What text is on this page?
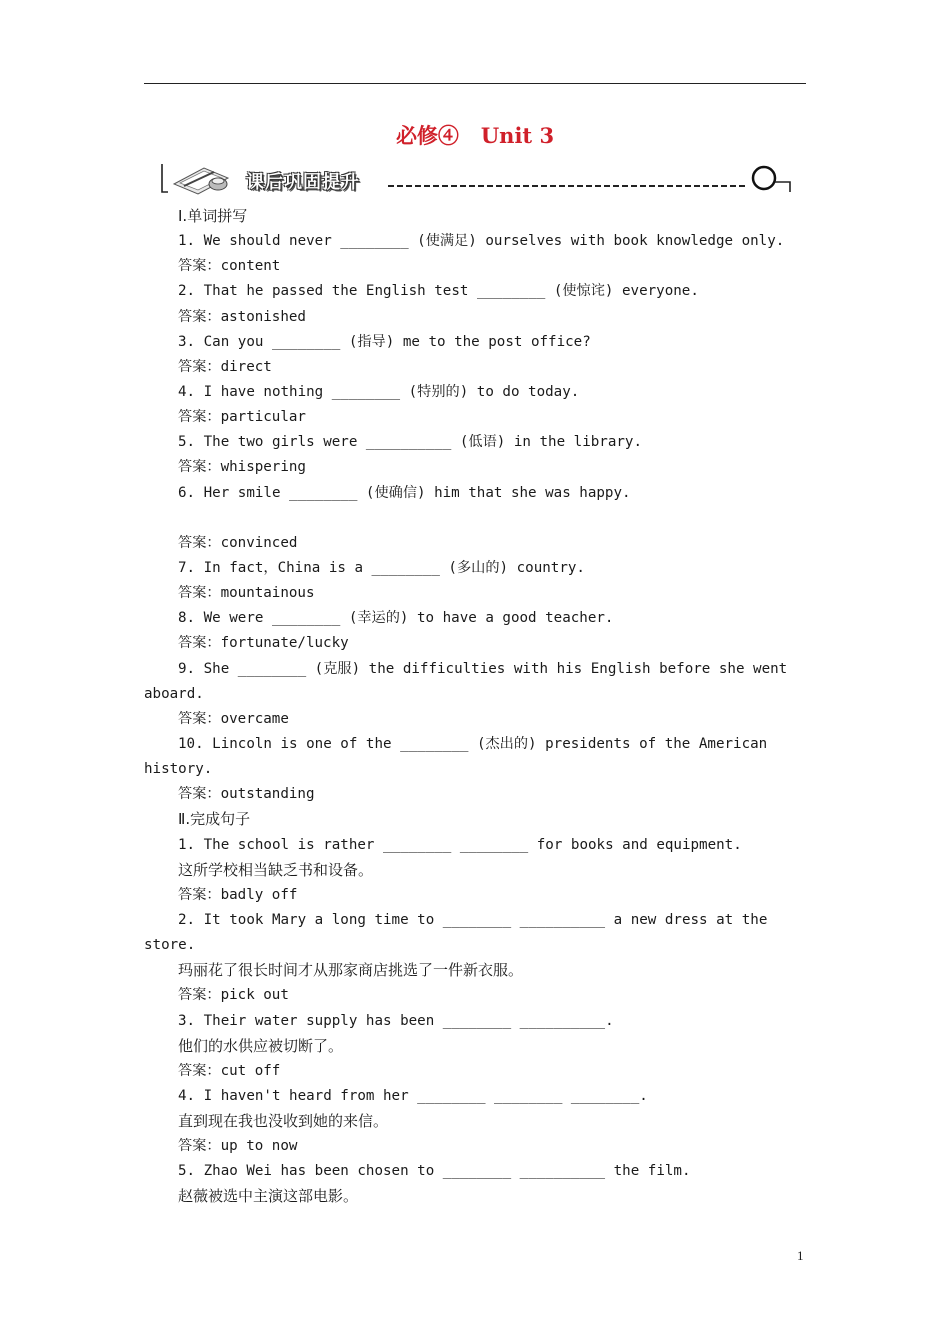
必修④   Unit 3
课后巩固提升
Ⅰ.单词拼写
1. We should never ________ (使满足) ourselves with book knowledge only.
答案：content
2. That he passed the English test ________ (使惊诧) everyone.
答案：astonished
3. Can you ________ (指导) me to the post office?
答案：direct
4. I have nothing ________ (特别的) to do today.
答案：particular
5. The two girls were __________ (低语) in the library.
答案：whispering
6. Her smile ________ (使确信) him that she was happy.
答案：convinced
7. In fact，China is a ________ (多山的) country.
答案：mountainous
8. We were ________ (幸运的) to have a good teacher.
答案：fortunate/lucky
9. She ________ (克服) the difficulties with his English before she went
aboard.
答案：overcame
10. Lincoln is one of the ________ (杰出的) presidents of the American
history.
答案：outstanding
Ⅱ.完成句子
1. The school is rather ________ ________ for books and equipment.
这所学校相当缺乏书和设备。
答案：badly off
2. It took Mary a long time to ________ __________ a new dress at the
store.
玛丽花了很长时间才从那家商店挑选了一件新衣服。
答案：pick out
3. Their water supply has been ________ __________.
他们的水供应被切断了。
答案：cut off
4. I haven't heard from her ________ ________ ________.
直到现在我也没收到她的来信。
答案：up to now
5. Zhao Wei has been chosen to ________ __________ the film.
赵薇被选中主演这部电影。
1
